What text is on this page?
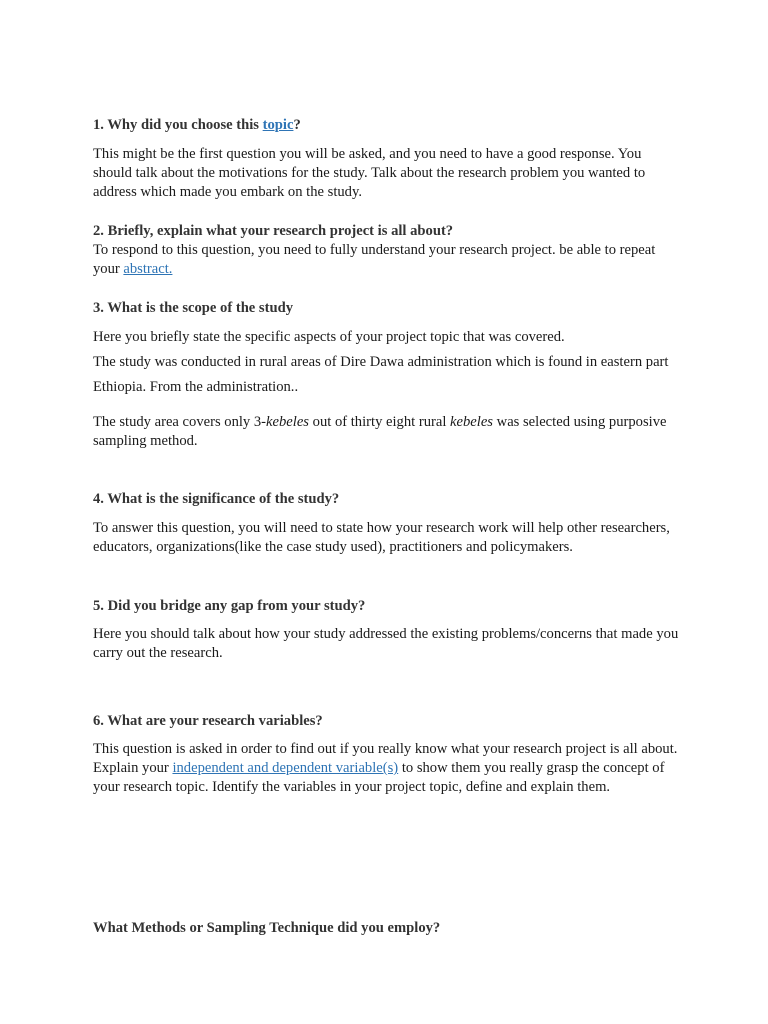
1. Why did you choose this topic?

This might be the first question you will be asked, and you need to have a good response. You should talk about the motivations for the study. Talk about the research problem you wanted to address which made you embark on the study.

2. Briefly, explain what your research project is all about?

To respond to this question, you need to fully understand your research project. be able to repeat your abstract.

3. What is the scope of the study

Here you briefly state the specific aspects of your project topic that was covered.

The study was conducted in rural areas of Dire Dawa administration which is found in eastern part Ethiopia. From the administration..

The study area covers only 3-kebeles out of thirty eight rural kebeles was selected using purposive sampling method.

4. What is the significance of the study?

To answer this question, you will need to state how your research work will help other researchers, educators, organizations(like the case study used), practitioners and policymakers.

5. Did you bridge any gap from your study?

Here you should talk about how your study addressed the existing problems/concerns that made you carry out the research.

6. What are your research variables?

This question is asked in order to find out if you really know what your research project is all about. Explain your independent and dependent variable(s) to show them you really grasp the concept of your research topic. Identify the variables in your project topic, define and explain them.

What Methods or Sampling Technique did you employ?
